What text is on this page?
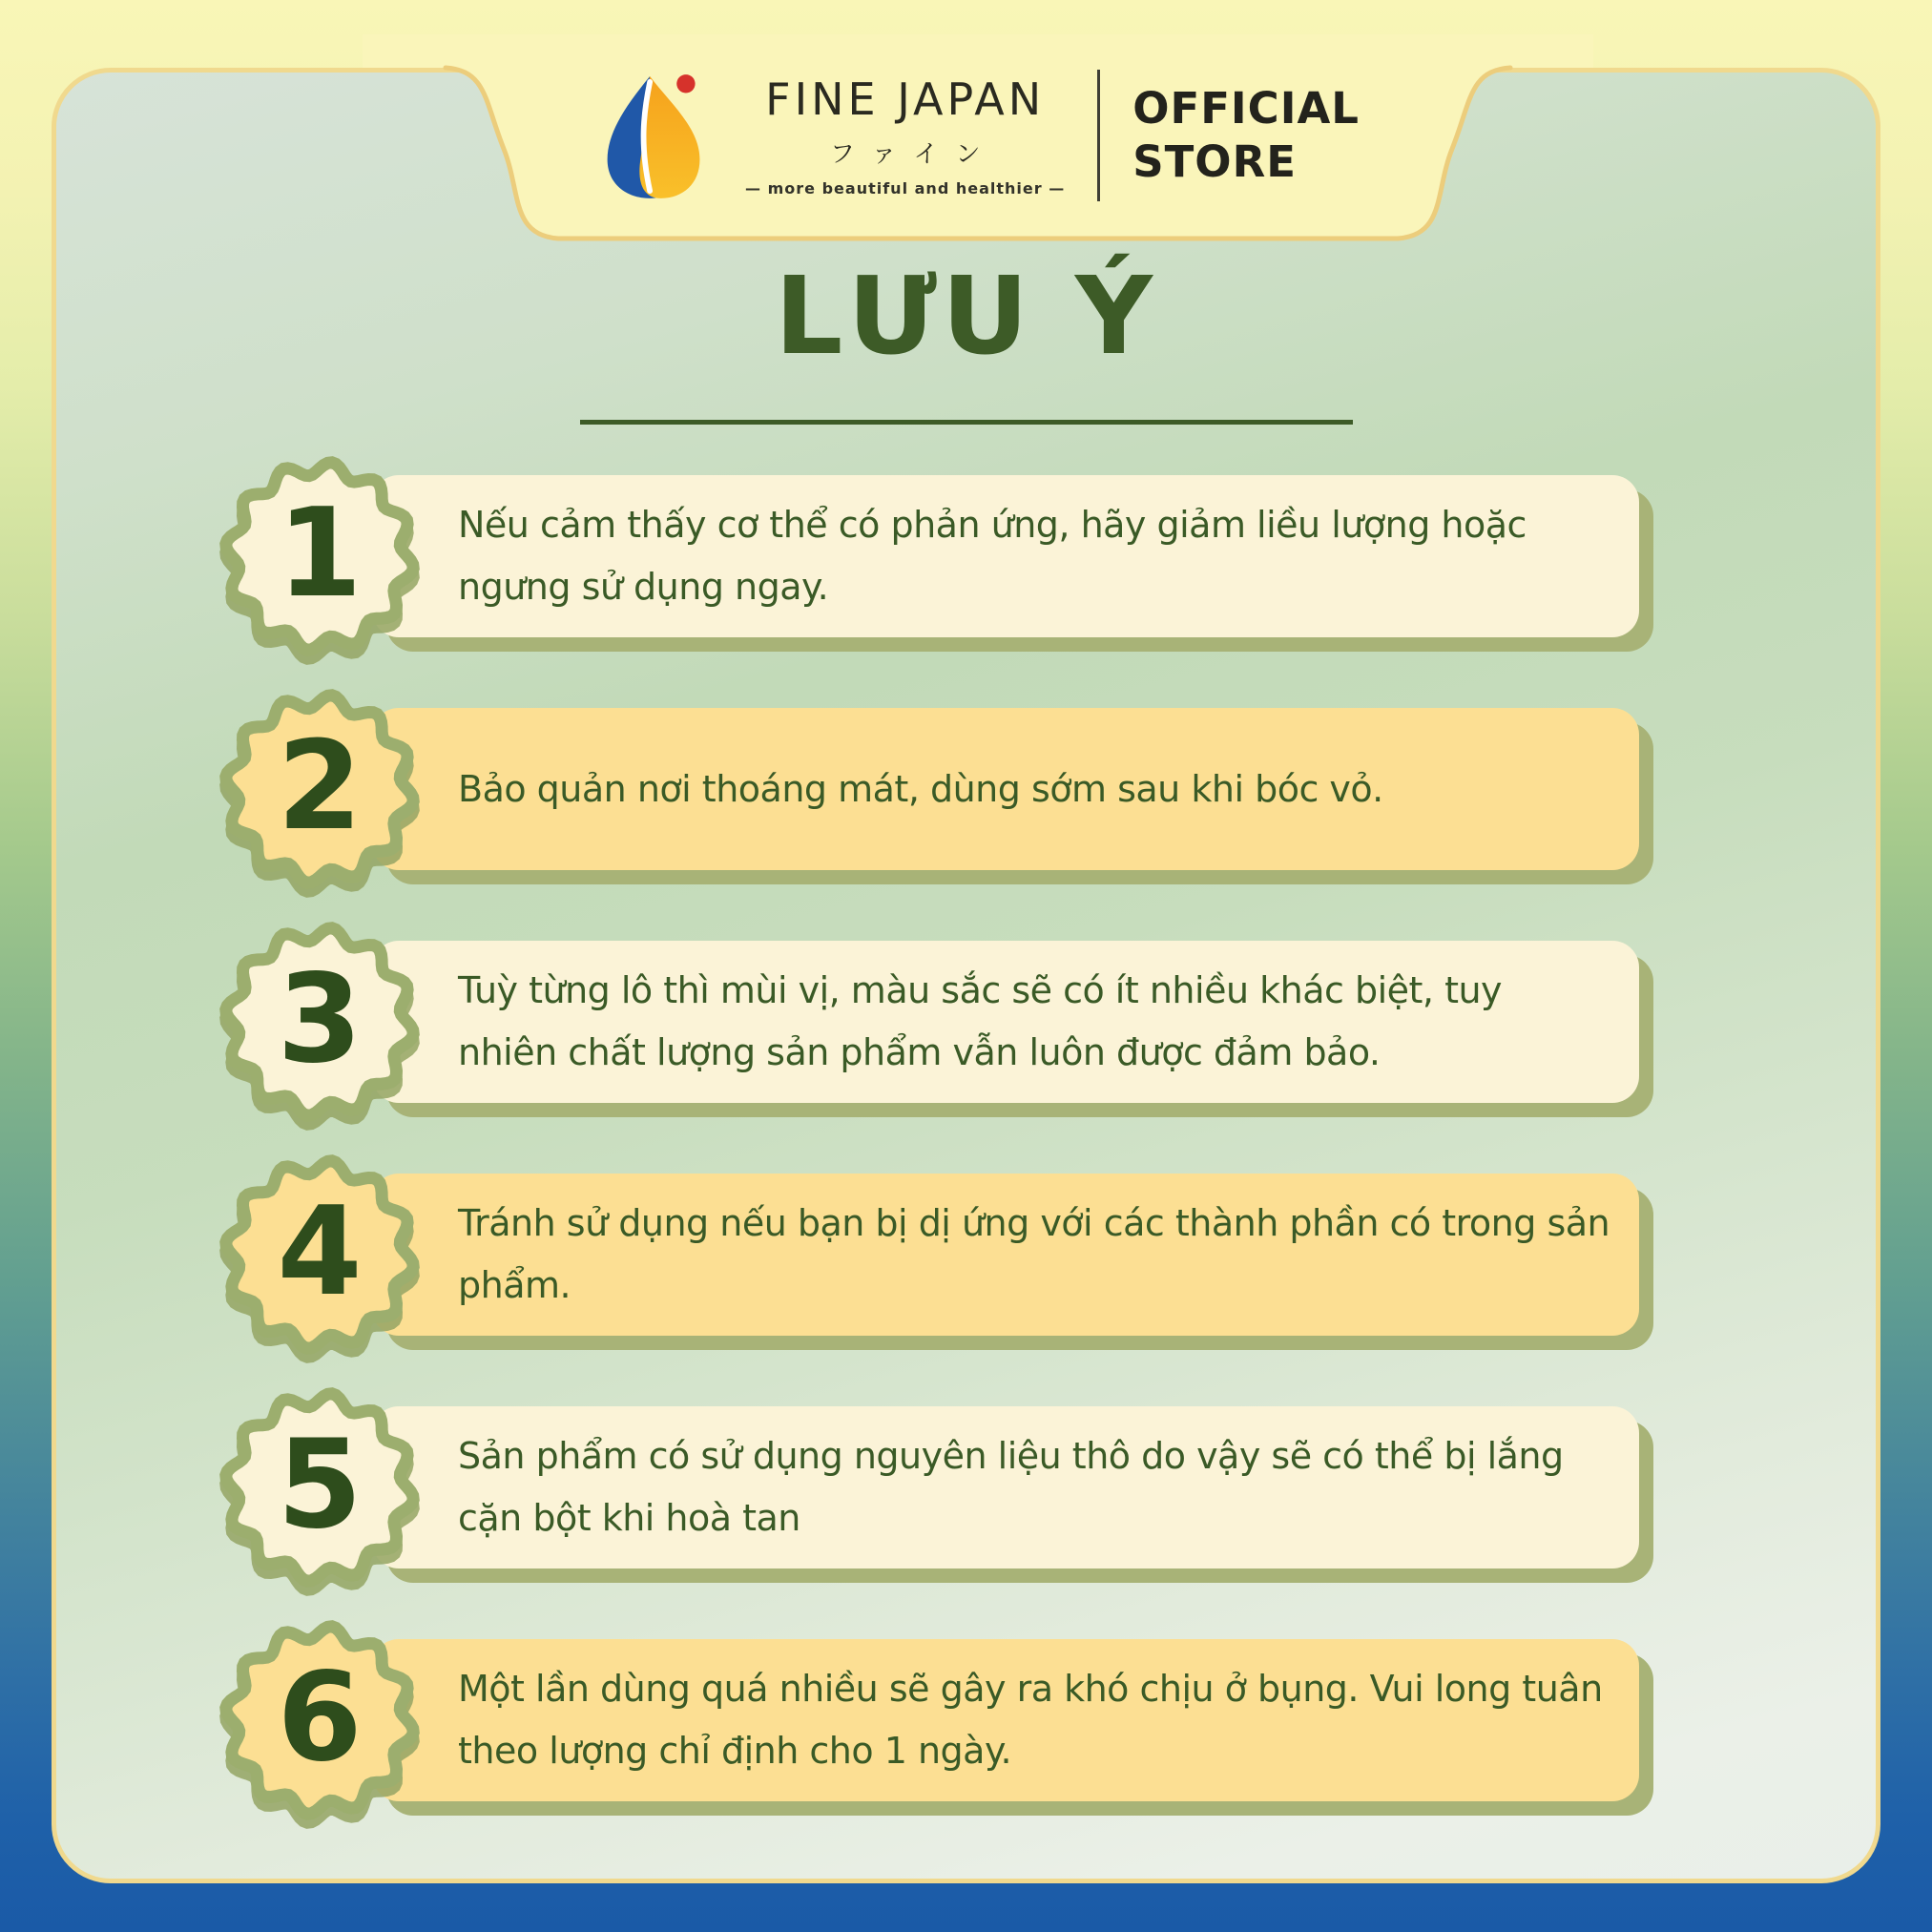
FINE JAPAN
ファイン
— more beautiful and healthier —
OFFICIAL
STORE
LƯU Ý
Nếu cảm thấy cơ thể có phản ứng, hãy giảm liều lượng hoặc ngưng sử dụng ngay.
1
Bảo quản nơi thoáng mát, dùng sớm sau khi bóc vỏ.
2
Tuỳ từng lô thì mùi vị, màu sắc sẽ có ít nhiều khác biệt, tuy nhiên chất lượng sản phẩm vẫn luôn được đảm bảo.
3
Tránh sử dụng nếu bạn bị dị ứng với các thành phần có trong sản phẩm.
4
Sản phẩm có sử dụng nguyên liệu thô do vậy sẽ có thể bị lắng cặn bột khi hoà tan
5
Một lần dùng quá nhiều sẽ gây ra khó chịu ở bụng. Vui long tuân theo lượng chỉ định cho 1 ngày.
6
